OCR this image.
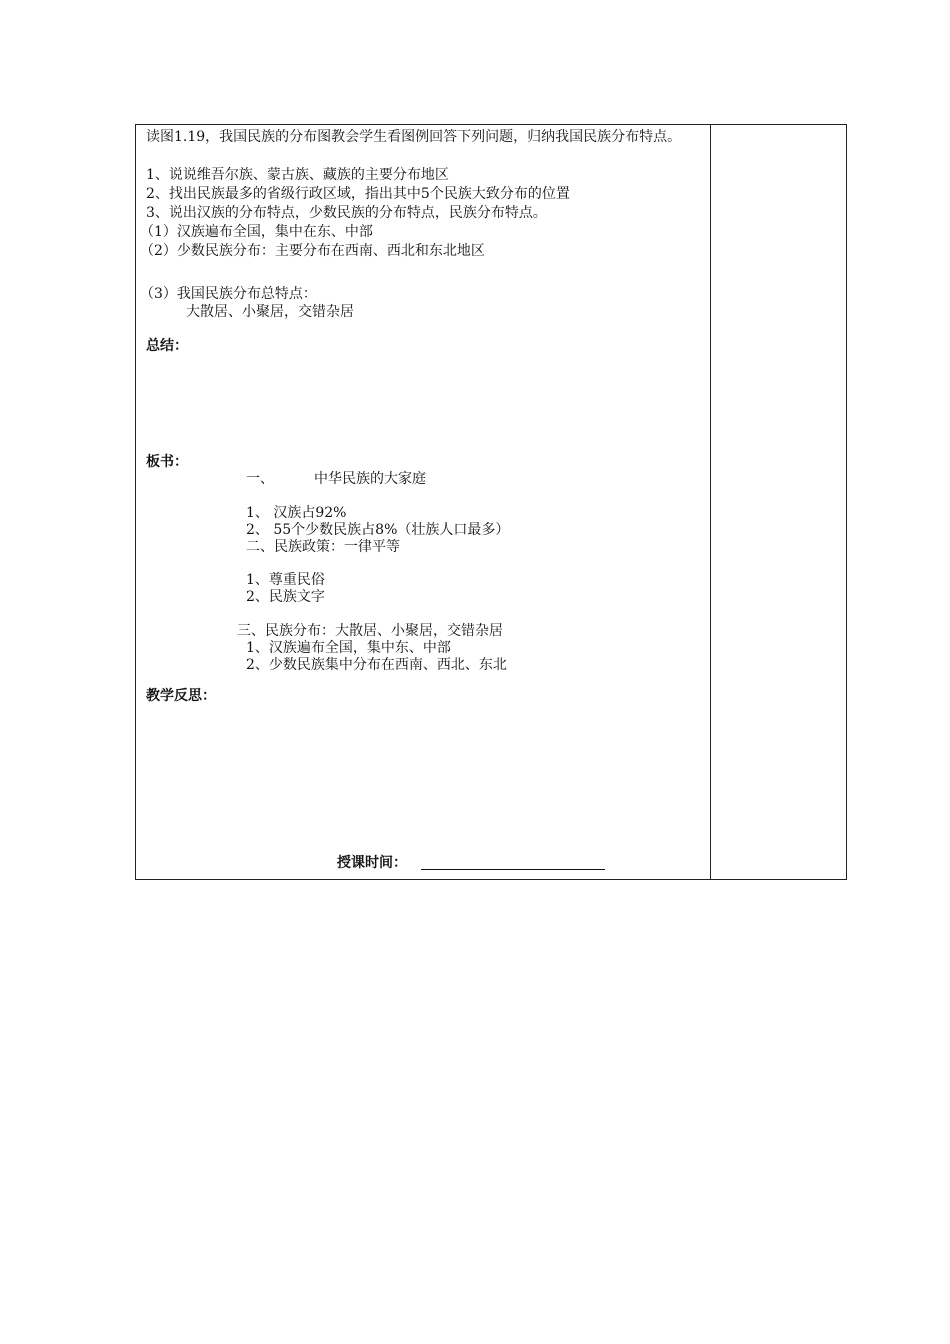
读图1.19，我国民族的分布图教会学生看图例回答下列问题，归纳我国民族分布特点。
1、说说维吾尔族、蒙古族、藏族的主要分布地区
2、找出民族最多的省级行政区域，指出其中5个民族大致分布的位置
3、说出汉族的分布特点，少数民族的分布特点，民族分布特点。
（1）汉族遍布全国，集中在东、中部
（2）少数民族分布：主要分布在西南、西北和东北地区
（3）我国民族分布总特点：
大散居、小聚居，交错杂居
总结：
板书：
一、	中华民族的大家庭
1、 汉族占92%
2、 55个少数民族占8%（壮族人口最多）
二、民族政策：一律平等
1、尊重民俗
2、民族文字
三、民族分布：大散居、小聚居，交错杂居
1、汉族遍布全国，集中东、中部
2、少数民族集中分布在西南、西北、东北
教学反思：
授课时间：
